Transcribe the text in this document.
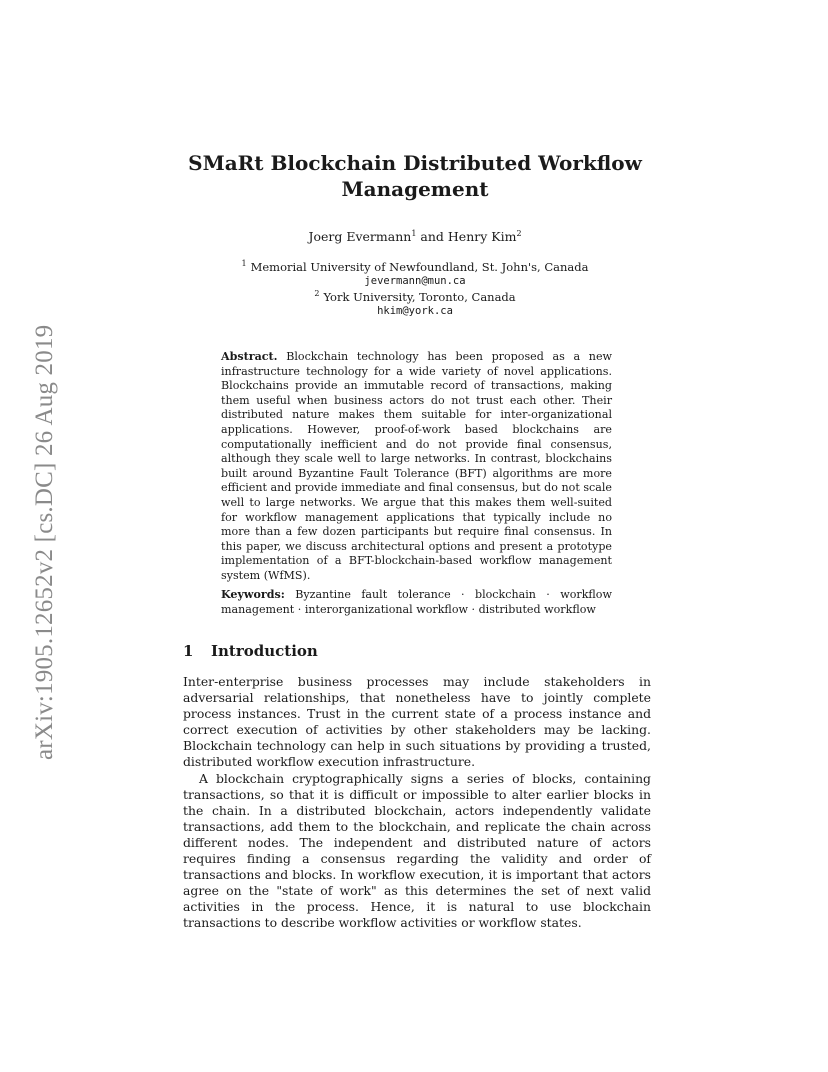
arXiv:1905.12652v2 [cs.DC] 26 Aug 2019
SMaRt Blockchain Distributed Workflow Management
Joerg Evermann$^1$ and Henry Kim$^2$
$^1$ Memorial University of Newfoundland, St. John's, Canada
jevermann@mun.ca
$^2$ York University, Toronto, Canada
hkim@york.ca
Abstract. Blockchain technology has been proposed as a new infrastructure technology for a wide variety of novel applications. Blockchains provide an immutable record of transactions, making them useful when business actors do not trust each other. Their distributed nature makes them suitable for inter-organizational applications. However, proof-of-work based blockchains are computationally inefficient and do not provide final consensus, although they scale well to large networks. In contrast, blockchains built around Byzantine Fault Tolerance (BFT) algorithms are more efficient and provide immediate and final consensus, but do not scale well to large networks. We argue that this makes them well-suited for workflow management applications that typically include no more than a few dozen participants but require final consensus. In this paper, we discuss architectural options and present a prototype implementation of a BFT-blockchain-based workflow management system (WfMS).
Keywords: Byzantine fault tolerance · blockchain · workflow management · interorganizational workflow · distributed workflow
1 Introduction

Inter-enterprise business processes may include stakeholders in adversarial relationships, that nonetheless have to jointly complete process instances. Trust in the current state of a process instance and correct execution of activities by other stakeholders may be lacking. Blockchain technology can help in such situations by providing a trusted, distributed workflow execution infrastructure.

A blockchain cryptographically signs a series of blocks, containing transactions, so that it is difficult or impossible to alter earlier blocks in the chain. In a distributed blockchain, actors independently validate transactions, add them to the blockchain, and replicate the chain across different nodes. The independent and distributed nature of actors requires finding a consensus regarding the validity and order of transactions and blocks. In workflow execution, it is important that actors agree on the "state of work" as this determines the set of next valid activities in the process. Hence, it is natural to use blockchain transactions to describe workflow activities or workflow states.
